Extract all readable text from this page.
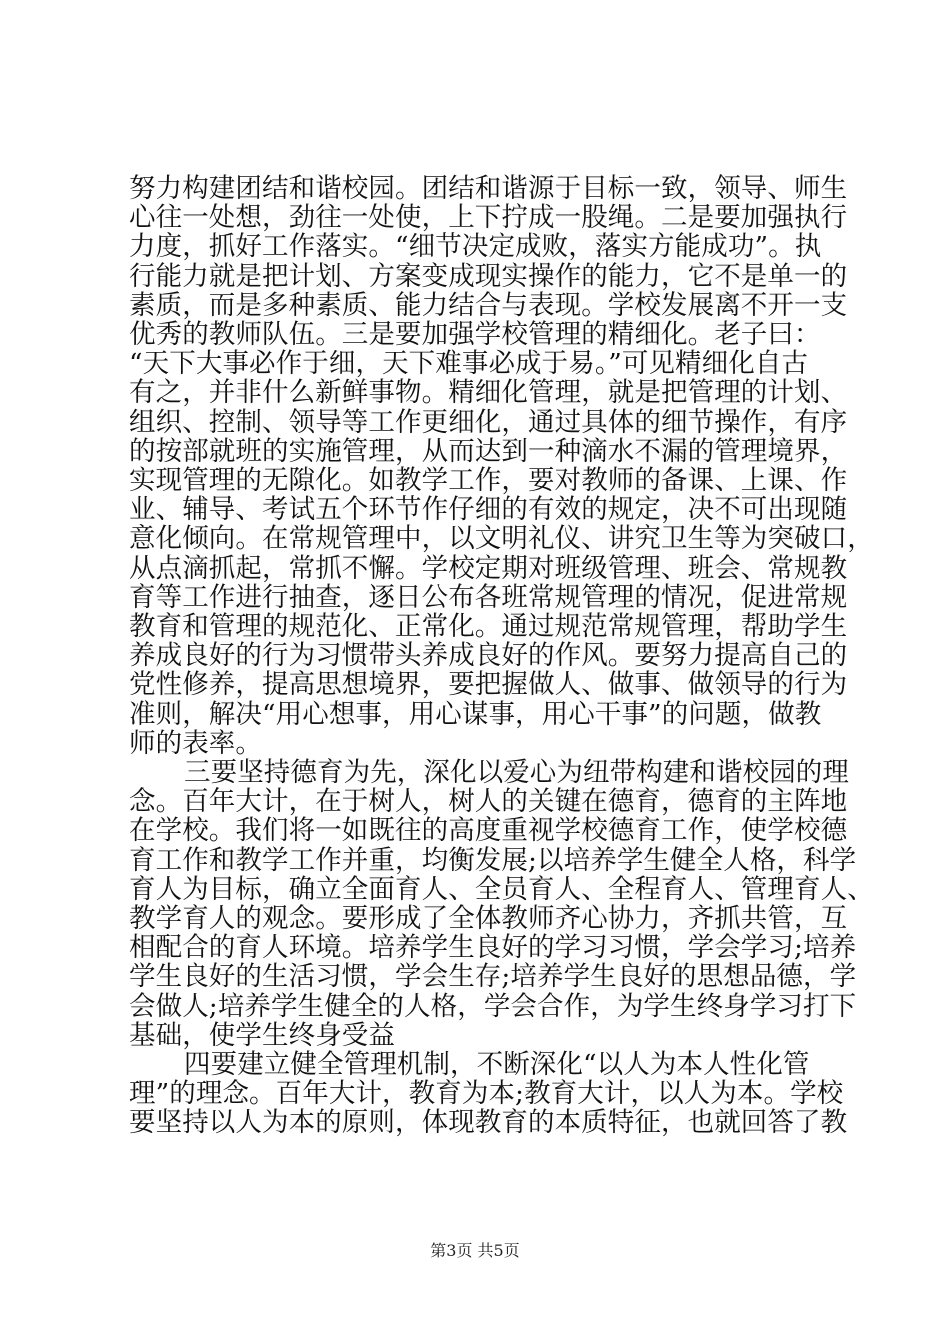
努力构建团结和谐校园。团结和谐源于目标一致，领导、师生
心往一处想，劲往一处使，上下拧成一股绳。二是要加强执行
力度，抓好工作落实。“细节决定成败，落实方能成功”。执
行能力就是把计划、方案变成现实操作的能力，它不是单一的
素质，而是多种素质、能力结合与表现。学校发展离不开一支
优秀的教师队伍。三是要加强学校管理的精细化。老子曰：
“天下大事必作于细，天下难事必成于易。”可见精细化自古
有之，并非什么新鲜事物。精细化管理，就是把管理的计划、
组织、控制、领导等工作更细化，通过具体的细节操作，有序
的按部就班的实施管理，从而达到一种滴水不漏的管理境界，
实现管理的无隙化。如教学工作，要对教师的备课、上课、作
业、辅导、考试五个环节作仔细的有效的规定，决不可出现随
意化倾向。在常规管理中，以文明礼仪、讲究卫生等为突破口，
从点滴抓起，常抓不懈。学校定期对班级管理、班会、常规教
育等工作进行抽查，逐日公布各班常规管理的情况，促进常规
教育和管理的规范化、正常化。通过规范常规管理，帮助学生
养成良好的行为习惯带头养成良好的作风。要努力提高自己的
党性修养，提高思想境界，要把握做人、做事、做领导的行为
准则，解决“用心想事，用心谋事，用心干事”的问题，做教
师的表率。
三要坚持德育为先，深化以爱心为纽带构建和谐校园的理
念。百年大计，在于树人，树人的关键在德育，德育的主阵地
在学校。我们将一如既往的高度重视学校德育工作，使学校德
育工作和教学工作并重，均衡发展;以培养学生健全人格，科学
育人为目标，确立全面育人、全员育人、全程育人、管理育人、
教学育人的观念。要形成了全体教师齐心协力，齐抓共管，互
相配合的育人环境。培养学生良好的学习习惯，学会学习;培养
学生良好的生活习惯，学会生存;培养学生良好的思想品德，学
会做人;培养学生健全的人格，学会合作，为学生终身学习打下
基础，使学生终身受益
四要建立健全管理机制，不断深化“以人为本人性化管
理”的理念。百年大计，教育为本;教育大计，以人为本。学校
要坚持以人为本的原则，体现教育的本质特征，也就回答了教
第3页 共5页
